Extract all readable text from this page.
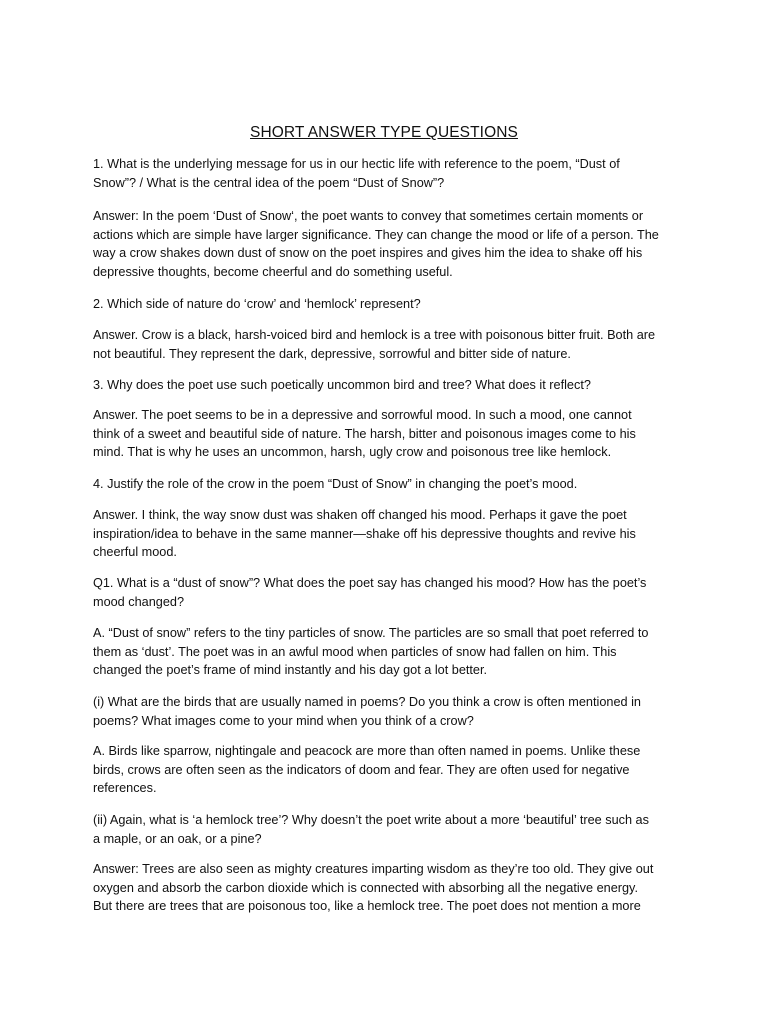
SHORT ANSWER TYPE QUESTIONS

1. What is the underlying message for us in our hectic life with reference to the poem, “Dust of
Snow”? / What is the central idea of the poem “Dust of Snow”?

Answer: In the poem ‘Dust of Snow‘, the poet wants to convey that sometimes certain moments or
actions which are simple have larger significance. They can change the mood or life of a person. The
way a crow shakes down dust of snow on the poet inspires and gives him the idea to shake off his
depressive thoughts, become cheerful and do something useful.

2. Which side of nature do ‘crow’ and ‘hemlock’ represent?

Answer. Crow is a black, harsh-voiced bird and hemlock is a tree with poisonous bitter fruit. Both are
not beautiful. They represent the dark, depressive, sorrowful and bitter side of nature.

3. Why does the poet use such poetically uncommon bird and tree? What does it reflect?

Answer. The poet seems to be in a depressive and sorrowful mood. In such a mood, one cannot
think of a sweet and beautiful side of nature. The harsh, bitter and poisonous images come to his
mind. That is why he uses an uncommon, harsh, ugly crow and poisonous tree like hemlock.

4. Justify the role of the crow in the poem “Dust of Snow” in changing the poet’s mood.

Answer. I think, the way snow dust was shaken off changed his mood. Perhaps it gave the poet
inspiration/idea to behave in the same manner—shake off his depressive thoughts and revive his
cheerful mood.

Q1. What is a “dust of snow”? What does the poet say has changed his mood? How has the poet’s
mood changed?

A. “Dust of snow” refers to the tiny particles of snow. The particles are so small that poet referred to
them as ‘dust’. The poet was in an awful mood when particles of snow had fallen on him. This
changed the poet’s frame of mind instantly and his day got a lot better.

(i) What are the birds that are usually named in poems? Do you think a crow is often mentioned in
poems? What images come to your mind when you think of a crow?

A. Birds like sparrow, nightingale and peacock are more than often named in poems. Unlike these
birds, crows are often seen as the indicators of doom and fear. They are often used for negative
references.

(ii) Again, what is ‘a hemlock tree’? Why doesn’t the poet write about a more ‘beautiful’ tree such as
a maple, or an oak, or a pine?

Answer: Trees are also seen as mighty creatures imparting wisdom as they’re too old. They give out
oxygen and absorb the carbon dioxide which is connected with absorbing all the negative energy.
But there are trees that are poisonous too, like a hemlock tree. The poet does not mention a more
